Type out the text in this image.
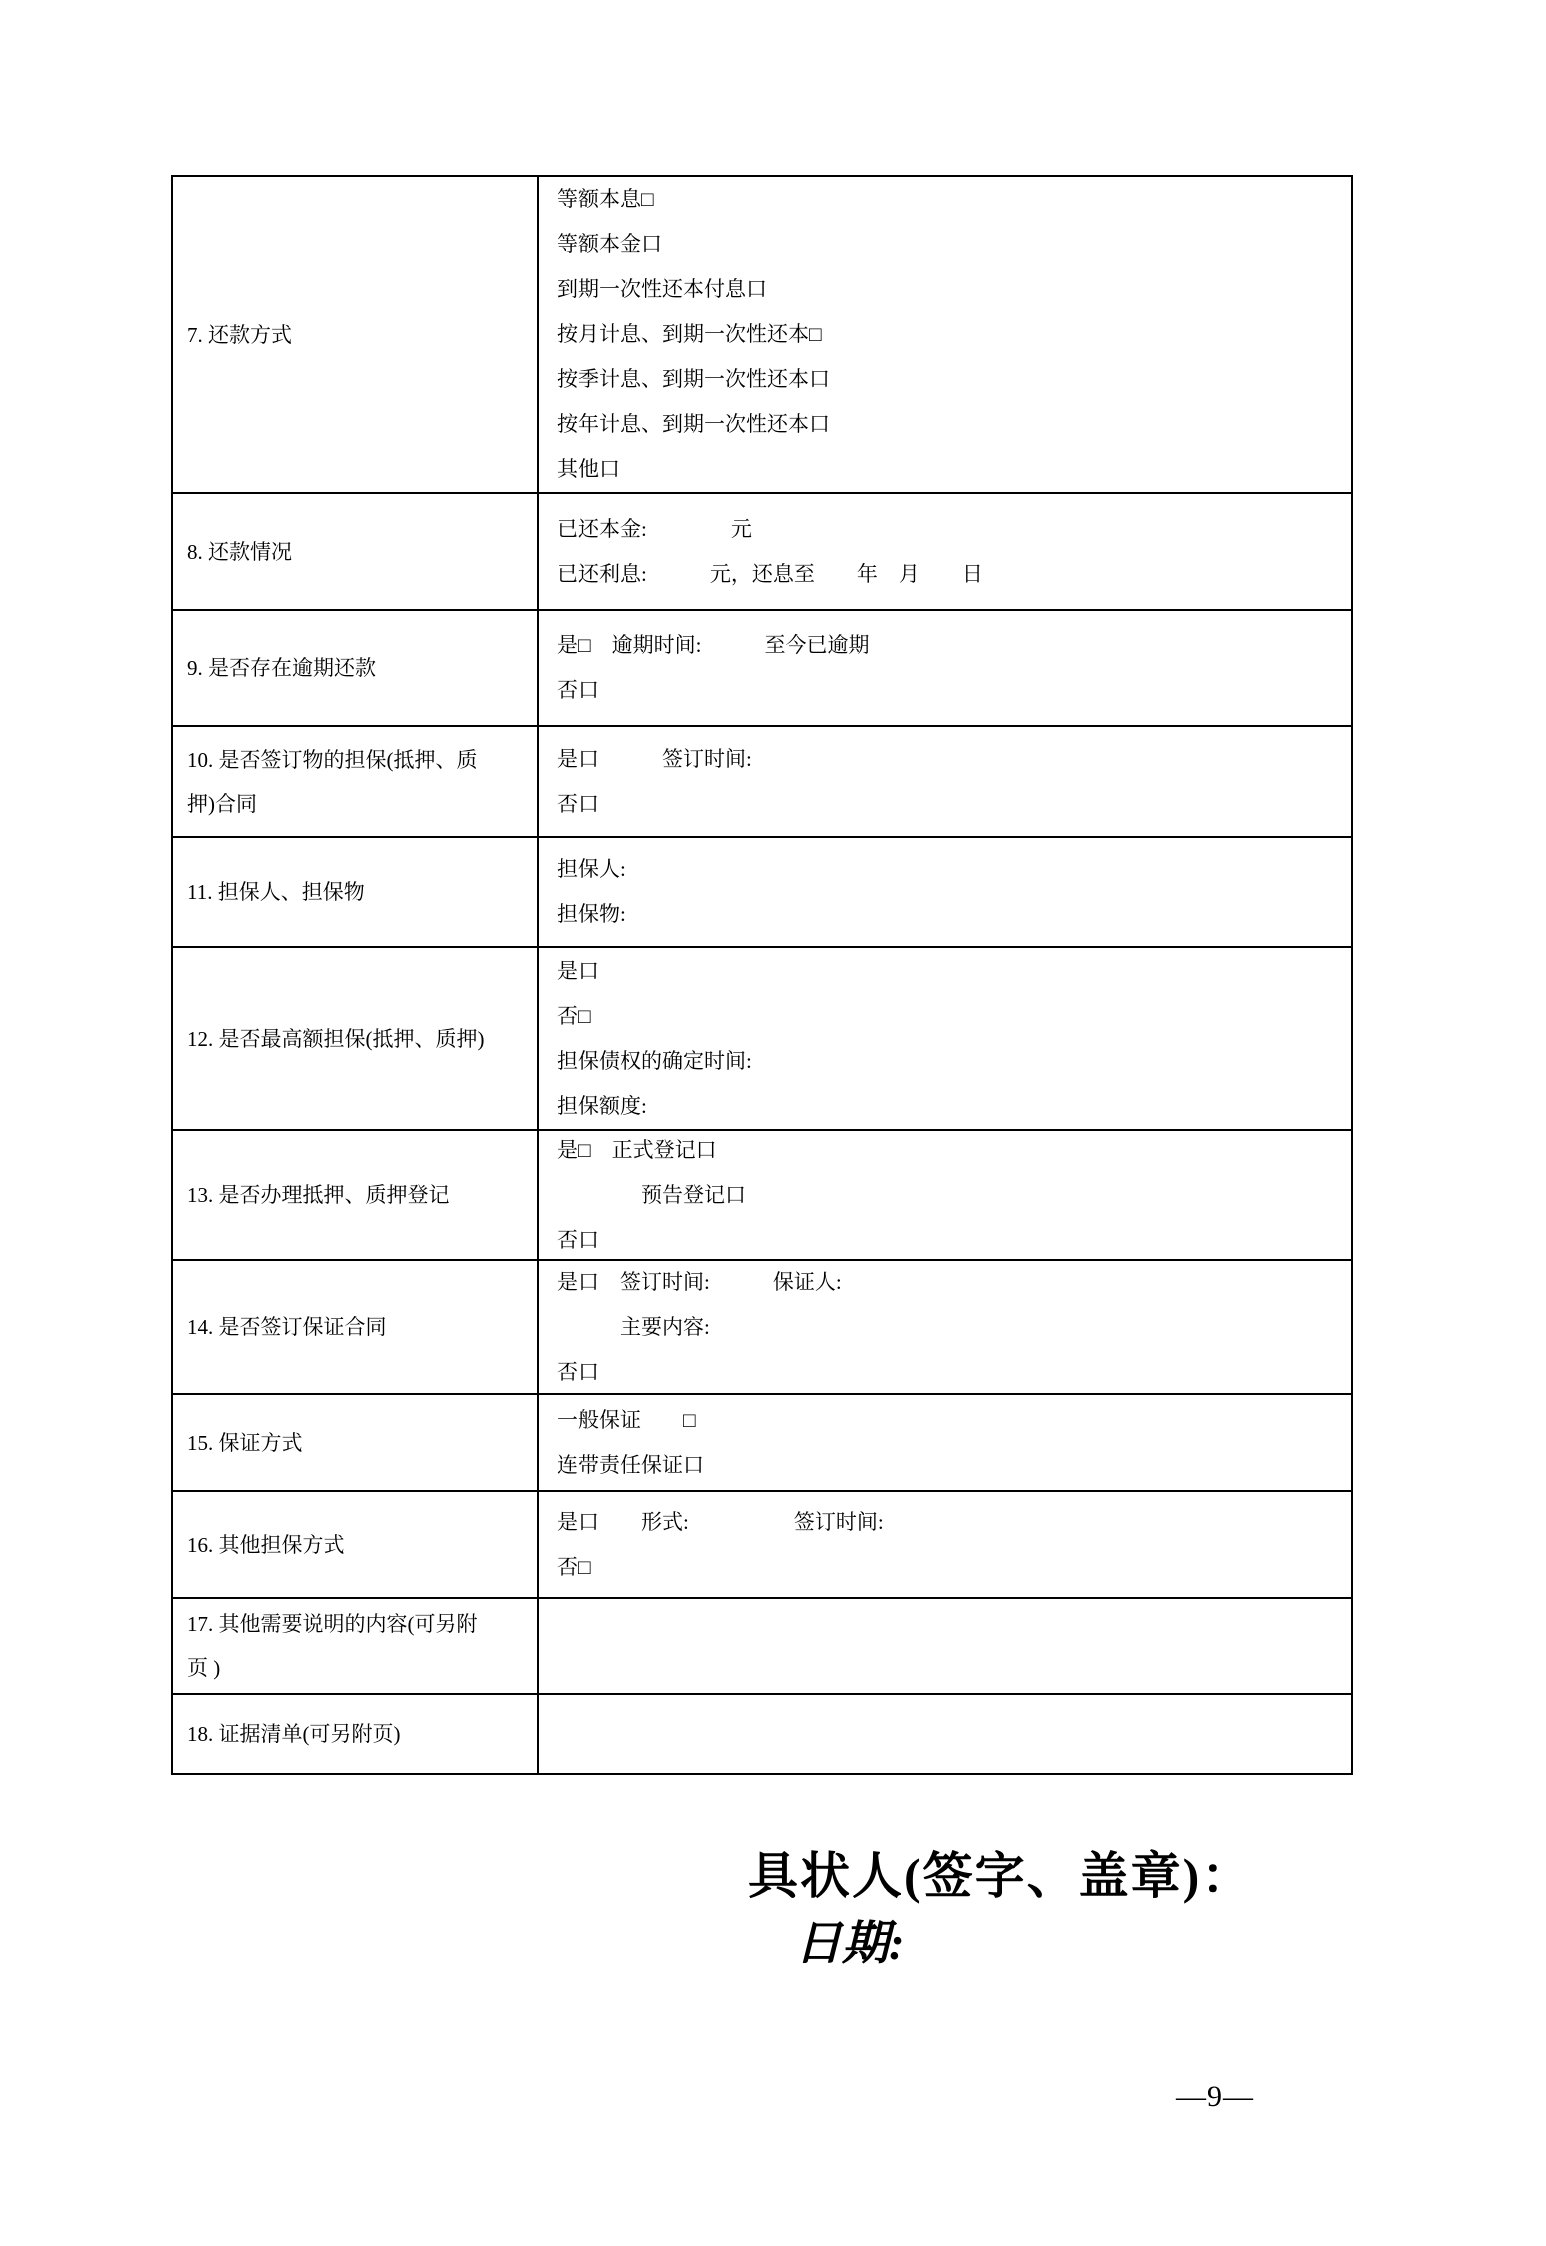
7. 还款方式
等额本息□
等额本金口
到期一次性还本付息口
按月计息、到期一次性还本□
按季计息、到期一次性还本口
按年计息、到期一次性还本口
其他口
8. 还款情况
已还本金:　　　　元
已还利息:　　　元，还息至　　年　月　　日
9. 是否存在逾期还款
是□　逾期时间:　　　至今已逾期
否口
10. 是否签订物的担保(抵押、质
押)合同
是口　　　签订时间:
否口
11. 担保人、担保物
担保人:
担保物:
12. 是否最高额担保(抵押、质押)
是口
否□
担保债权的确定时间:
担保额度:
13. 是否办理抵押、质押登记
是□　正式登记口
　　　　预告登记口
否口
14. 是否签订保证合同
是口　签订时间:　　　保证人:
　　　主要内容:
否口
15. 保证方式
一般保证　　□
连带责任保证口
16. 其他担保方式
是口　　形式:　　　　　签订时间:
否□
17. 其他需要说明的内容(可另附
页 )
18. 证据清单(可另附页)
具状人(签字、盖章)：
日期:
—9—
